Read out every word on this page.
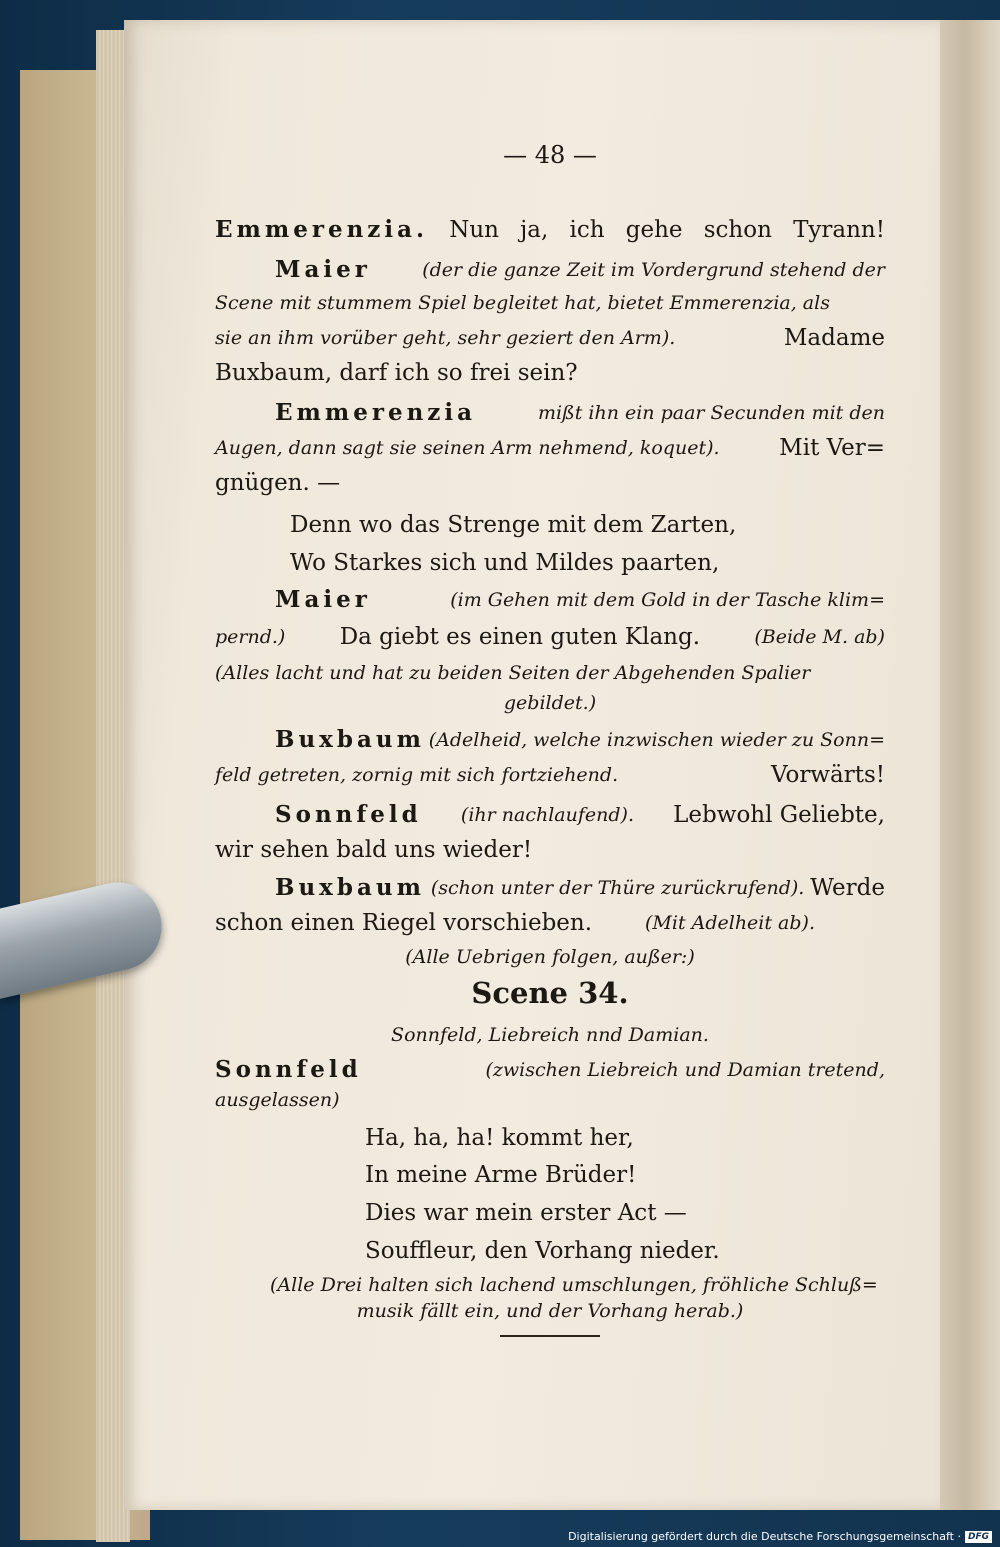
— 48 —
Emmerenzia. Nun ja, ich gehe schon Tyrann!
Maier	(der die ganze Zeit im Vordergrund stehend der
Scene mit stummem Spiel begleitet hat, bietet Emmerenzia, als
sie an ihm vorüber geht, sehr geziert den Arm).	Madame
Buxbaum, darf ich so frei sein?
Emmerenzia	mißt ihn ein paar Secunden mit den
Augen, dann sagt sie seinen Arm nehmend, koquet).	Mit Ver=
gnügen. —
Denn wo das Strenge mit dem Zarten,
Wo Starkes sich und Mildes paarten,
Maier	(im Gehen mit dem Gold in der Tasche klim=
pernd.) Da giebt es einen guten Klang.	(Beide M. ab)
(Alles lacht und hat zu beiden Seiten der Abgehenden Spalier
gebildet.)
Buxbaum (Adelheid, welche inzwischen wieder zu Sonn=
feld getreten, zornig mit sich fortziehend.	Vorwärts!
Sonnfeld (ihr nachlaufend). Lebwohl Geliebte,
wir sehen bald uns wieder!
Buxbaum (schon unter der Thüre zurückrufend). Werde
schon einen Riegel vorschieben.	(Mit Adelheit ab).
(Alle Uebrigen folgen, außer:)
Scene 34.
Sonnfeld, Liebreich nnd Damian.
Sonnfeld	(zwischen Liebreich und Damian tretend,
ausgelassen)
Ha, ha, ha! kommt her,
In meine Arme Brüder!
Dies war mein erster Act —
Souffleur, den Vorhang nieder.
(Alle Drei halten sich lachend umschlungen, fröhliche Schluß=
musik fällt ein, und der Vorhang herab.)
Digitalisierung gefördert durch die Deutsche Forschungsgemeinschaft · DFG
